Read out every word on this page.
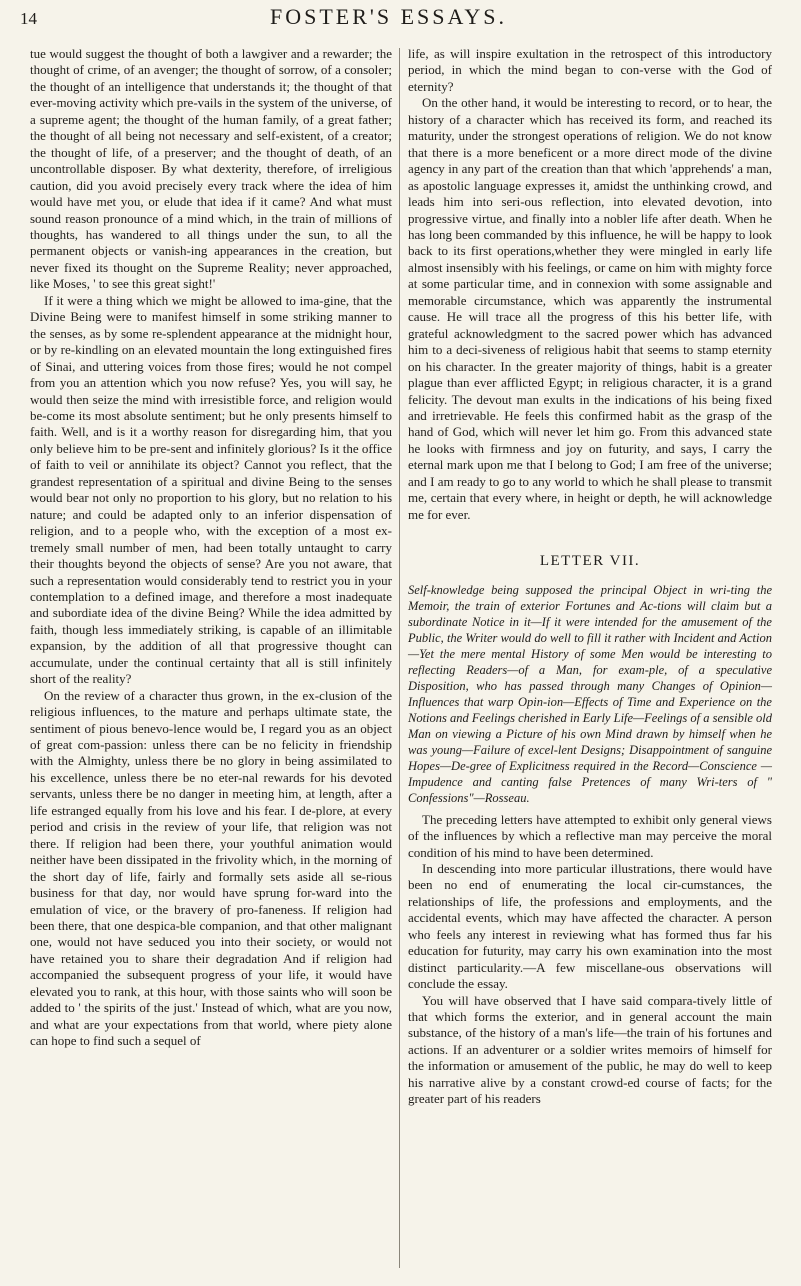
14	FOSTER'S ESSAYS.

tue would suggest the thought of both a lawgiver and a rewarder; the thought of crime, of an avenger; the thought of sorrow, of a consoler; the thought of an intelligence that understands it; the thought of that ever-moving activity which pre-vails in the system of the universe, of a supreme agent; the thought of the human family, of a great father; the thought of all being not necessary and self-existent, of a creator; the thought of life, of a preserver; and the thought of death, of an uncontrollable disposer. By what dexterity, therefore, of irreligious caution, did you avoid precisely every track where the idea of him would have met you, or elude that idea if it came? And what must sound reason pronounce of a mind which, in the train of millions of thoughts, has wandered to all things under the sun, to all the permanent objects or vanish-ing appearances in the creation, but never fixed its thought on the Supreme Reality; never approached, like Moses, ' to see this great sight!'

If it were a thing which we might be allowed to ima-gine, that the Divine Being were to manifest himself in some striking manner to the senses, as by some re-splendent appearance at the midnight hour, or by re-kindling on an elevated mountain the long extinguished fires of Sinai, and uttering voices from those fires; would he not compel from you an attention which you now refuse? Yes, you will say, he would then seize the mind with irresistible force, and religion would be-come its most absolute sentiment; but he only presents himself to faith. Well, and is it a worthy reason for disregarding him, that you only believe him to be pre-sent and infinitely glorious? Is it the office of faith to veil or annihilate its object? Cannot you reflect, that the grandest representation of a spiritual and divine Being to the senses would bear not only no proportion to his glory, but no relation to his nature; and could be adapted only to an inferior dispensation of religion, and to a people who, with the exception of a most ex-tremely small number of men, had been totally untaught to carry their thoughts beyond the objects of sense? Are you not aware, that such a representation would considerably tend to restrict you in your contemplation to a defined image, and therefore a most inadequate and subordiate idea of the divine Being? While the idea admitted by faith, though less immediately striking, is capable of an illimitable expansion, by the addition of all that progressive thought can accumulate, under the continual certainty that all is still infinitely short of the reality?

On the review of a character thus grown, in the ex-clusion of the religious influences, to the mature and perhaps ultimate state, the sentiment of pious benevo-lence would be, I regard you as an object of great com-passion: unless there can be no felicity in friendship with the Almighty, unless there be no glory in being assimilated to his excellence, unless there be no eter-nal rewards for his devoted servants, unless there be no danger in meeting him, at length, after a life estranged equally from his love and his fear. I de-plore, at every period and crisis in the review of your life, that religion was not there. If religion had been there, your youthful animation would neither have been dissipated in the frivolity which, in the morning of the short day of life, fairly and formally sets aside all se-rious business for that day, nor would have sprung for-ward into the emulation of vice, or the bravery of pro-faneness. If religion had been there, that one despica-ble companion, and that other malignant one, would not have seduced you into their society, or would not have retained you to share their degradation And if religion had accompanied the subsequent progress of your life, it would have elevated you to rank, at this hour, with those saints who will soon be added to ' the spirits of the just.' Instead of which, what are you now, and what are your expectations from that world, where piety alone can hope to find such a sequel of

life, as will inspire exultation in the retrospect of this introductory period, in which the mind began to con-verse with the God of eternity?

On the other hand, it would be interesting to record, or to hear, the history of a character which has received its form, and reached its maturity, under the strongest operations of religion. We do not know that there is a more beneficent or a more direct mode of the divine agency in any part of the creation than that which 'apprehends' a man, as apostolic language expresses it, amidst the unthinking crowd, and leads him into seri-ous reflection, into elevated devotion, into progressive virtue, and finally into a nobler life after death. When he has long been commanded by this influence, he will be happy to look back to its first operations,whether they were mingled in early life almost insensibly with his feelings, or came on him with mighty force at some particular time, and in connexion with some assignable and memorable circumstance, which was apparently the instrumental cause. He will trace all the progress of this his better life, with grateful acknowledgment to the sacred power which has advanced him to a deci-siveness of religious habit that seems to stamp eternity on his character. In the greater majority of things, habit is a greater plague than ever afflicted Egypt; in religious character, it is a grand felicity. The devout man exults in the indications of his being fixed and irretrievable. He feels this confirmed habit as the grasp of the hand of God, which will never let him go. From this advanced state he looks with firmness and joy on futurity, and says, I carry the eternal mark upon me that I belong to God; I am free of the universe; and I am ready to go to any world to which he shall please to transmit me, certain that every where, in height or depth, he will acknowledge me for ever.

LETTER VII.

Self-knowledge being supposed the principal Object in wri-ting the Memoir, the train of exterior Fortunes and Ac-tions will claim but a subordinate Notice in it—If it were intended for the amusement of the Public, the Writer would do well to fill it rather with Incident and Action —Yet the mere mental History of some Men would be interesting to reflecting Readers—of a Man, for exam-ple, of a speculative Disposition, who has passed through many Changes of Opinion—Influences that warp Opin-ion—Effects of Time and Experience on the Notions and Feelings cherished in Early Life—Feelings of a sensible old Man on viewing a Picture of his own Mind drawn by himself when he was young—Failure of excel-lent Designs; Disappointment of sanguine Hopes—De-gree of Explicitness required in the Record—Conscience —Impudence and canting false Pretences of many Wri-ters of " Confessions"—Rosseau.

The preceding letters have attempted to exhibit only general views of the influences by which a reflective man may perceive the moral condition of his mind to have been determined.

In descending into more particular illustrations, there would have been no end of enumerating the local cir-cumstances, the relationships of life, the professions and employments, and the accidental events, which may have affected the character. A person who feels any interest in reviewing what has formed thus far his education for futurity, may carry his own examination into the most distinct particularity.—A few miscellane-ous observations will conclude the essay.

You will have observed that I have said compara-tively little of that which forms the exterior, and in general account the main substance, of the history of a man's life—the train of his fortunes and actions. If an adventurer or a soldier writes memoirs of himself for the information or amusement of the public, he may do well to keep his narrative alive by a constant crowd-ed course of facts; for the greater part of his readers
